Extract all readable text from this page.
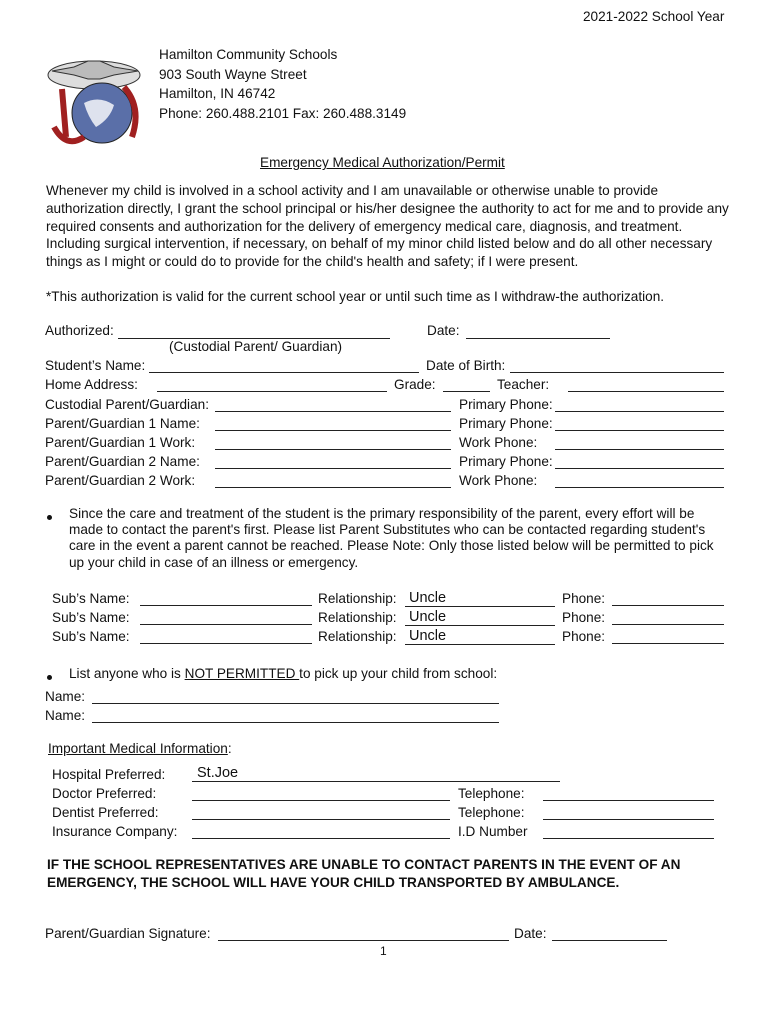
2021-2022 School Year
Hamilton Community Schools
903 South Wayne Street
Hamilton, IN 46742
Phone: 260.488.2101 Fax: 260.488.3149
Emergency Medical Authorization/Permit
Whenever my child is involved in a school activity and I am unavailable or otherwise unable to provide authorization directly, I grant the school principal or his/her designee the authority to act for me and to provide any required consents and authorization for the delivery of emergency medical care, diagnosis, and treatment. Including surgical intervention, if necessary, on behalf of my minor child listed below and do all other necessary things as I might or could do to provide for the child's health and safety; if I were present.
*This authorization is valid for the current school year or until such time as I withdraw-the authorization.
Authorized:
(Custodial Parent/ Guardian)
Date:
Student’s Name:	Date of Birth:
Home Address:	Grade:	Teacher:
Custodial Parent/Guardian:	Primary Phone:
Parent/Guardian 1 Name:	Primary Phone:
Parent/Guardian 1 Work:	Work Phone:
Parent/Guardian 2 Name:	Primary Phone:
Parent/Guardian 2 Work:	Work Phone:
Since the care and treatment of the student is the primary responsibility of the parent, every effort will be made to contact the parent's first. Please list Parent Substitutes who can be contacted regarding student's care in the event a parent cannot be reached. Please Note: Only those listed below will be permitted to pick up your child in case of an illness or emergency.
Sub’s Name:	Relationship: Uncle	Phone:
Sub’s Name:	Relationship: Uncle	Phone:
Sub’s Name:	Relationship: Uncle	Phone:
List anyone who is NOT PERMITTED to pick up your child from school:
Name:
Name:
Important Medical Information:
Hospital Preferred: St.Joe
Doctor Preferred:	Telephone:
Dentist Preferred:	Telephone:
Insurance Company:	I.D Number
IF THE SCHOOL REPRESENTATIVES ARE UNABLE TO CONTACT PARENTS IN THE EVENT OF AN EMERGENCY, THE SCHOOL WILL HAVE YOUR CHILD TRANSPORTED BY AMBULANCE.
Parent/Guardian Signature:	Date:
1
